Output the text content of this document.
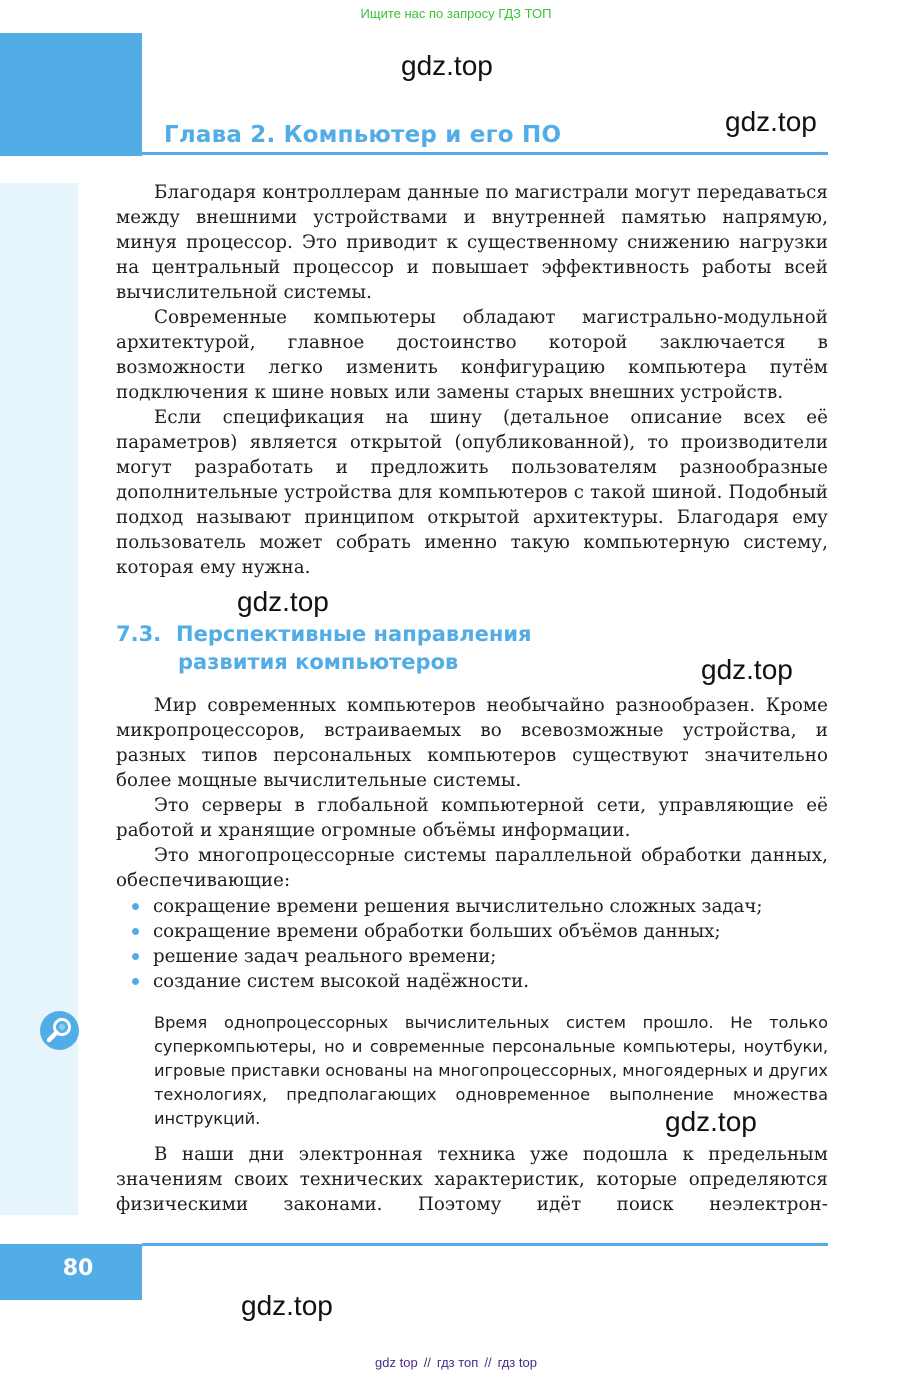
Ищите нас по запросу ГДЗ ТОП
gdz.top
gdz.top
Глава 2. Компьютер и его ПО

Благодаря контроллерам данные по магистрали могут передаваться между внешними устройствами и внутренней памятью напрямую, минуя процессор. Это приводит к существенному снижению нагрузки на центральный процессор и повышает эффективность работы всей вычислительной системы.

Современные компьютеры обладают магистрально-модульной архитектурой, главное достоинство которой заключается в возможности легко изменить конфигурацию компьютера путём подключения к шине новых или замены старых внешних устройств.

Если спецификация на шину (детальное описание всех её параметров) является открытой (опубликованной), то производители могут разработать и предложить пользователям разнообразные дополнительные устройства для компьютеров с такой шиной. Подобный подход называют принципом открытой архитектуры. Благодаря ему пользователь может собрать именно такую компьютерную систему, которая ему нужна.

gdz.top
7.3. Перспективные направления
развития компьютеров	gdz.top

Мир современных компьютеров необычайно разнообразен. Кроме микропроцессоров, встраиваемых во всевозможные устройства, и разных типов персональных компьютеров существуют значительно более мощные вычислительные системы.

Это серверы в глобальной компьютерной сети, управляющие её работой и хранящие огромные объёмы информации.

Это многопроцессорные системы параллельной обработки данных, обеспечивающие:

сокращение времени решения вычислительно сложных задач;
сокращение времени обработки больших объёмов данных;
решение задач реального времени;
создание систем высокой надёжности.
Время однопроцессорных вычислительных систем прошло. Не только суперкомпьютеры, но и современные персональные компьютеры, ноутбуки, игровые приставки основаны на многопроцессорных, многоядерных и других технологиях, предполагающих одновременное выполнение множества инструкций.	gdz.top

В наши дни электронная техника уже подошла к предельным значениям своих технических характеристик, которые определяются физическими законами. Поэтому идёт поиск неэлектрон-

80
gdz.top
gdz top // гдз топ // гдз top
